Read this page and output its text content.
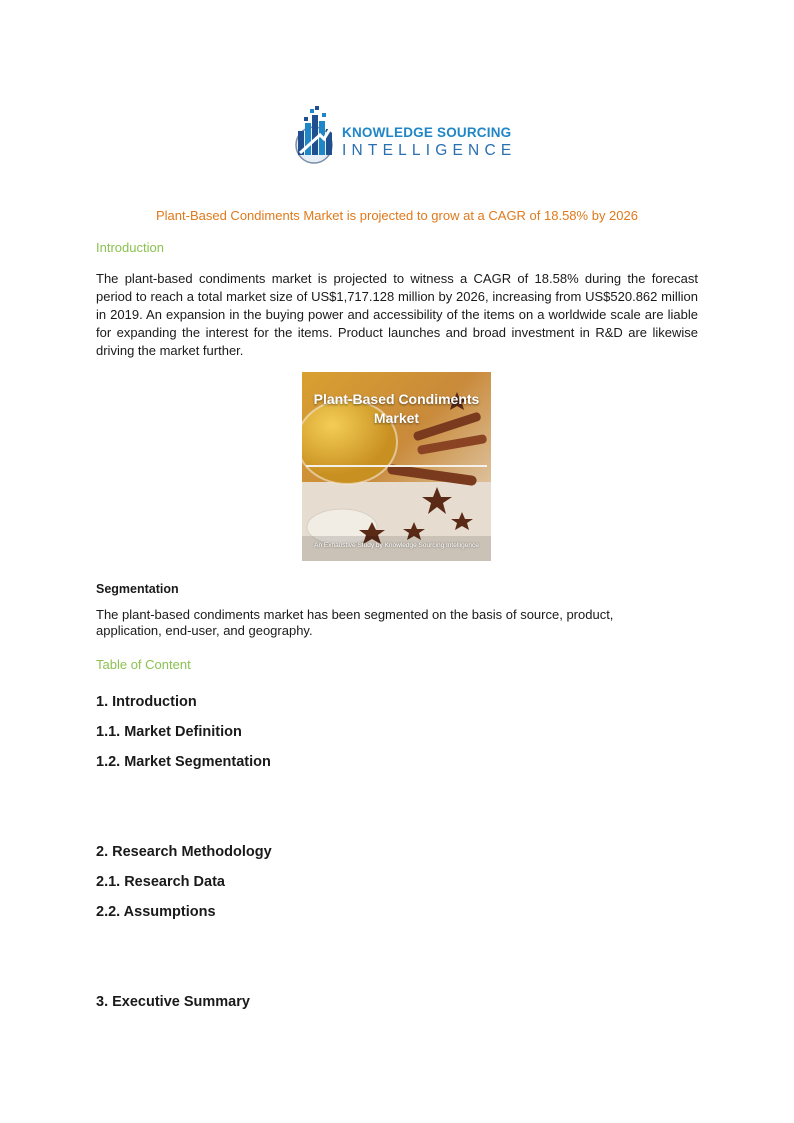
KNOWLEDGE SOURCING
INTELLIGENCE
Plant-Based Condiments Market is projected to grow at a CAGR of 18.58% by 2026
Introduction
The plant-based condiments market is projected to witness a CAGR of 18.58% during the forecast period to reach a total market size of US$1,717.128 million by 2026, increasing from US$520.862 million in 2019. An expansion in the buying power and accessibility of the items on a worldwide scale are liable for expanding the interest for the items. Product launches and broad investment in R&D are likewise driving the market further.
Plant-Based Condiments
Market
An Exhaustive Study by Knowledge Sourcing Intelligence
Segmentation
The plant-based condiments market has been segmented on the basis of source, product, application, end-user, and geography.
Table of Content
1. Introduction
1.1. Market Definition
1.2. Market Segmentation
2. Research Methodology
2.1. Research Data
2.2. Assumptions
3. Executive Summary
